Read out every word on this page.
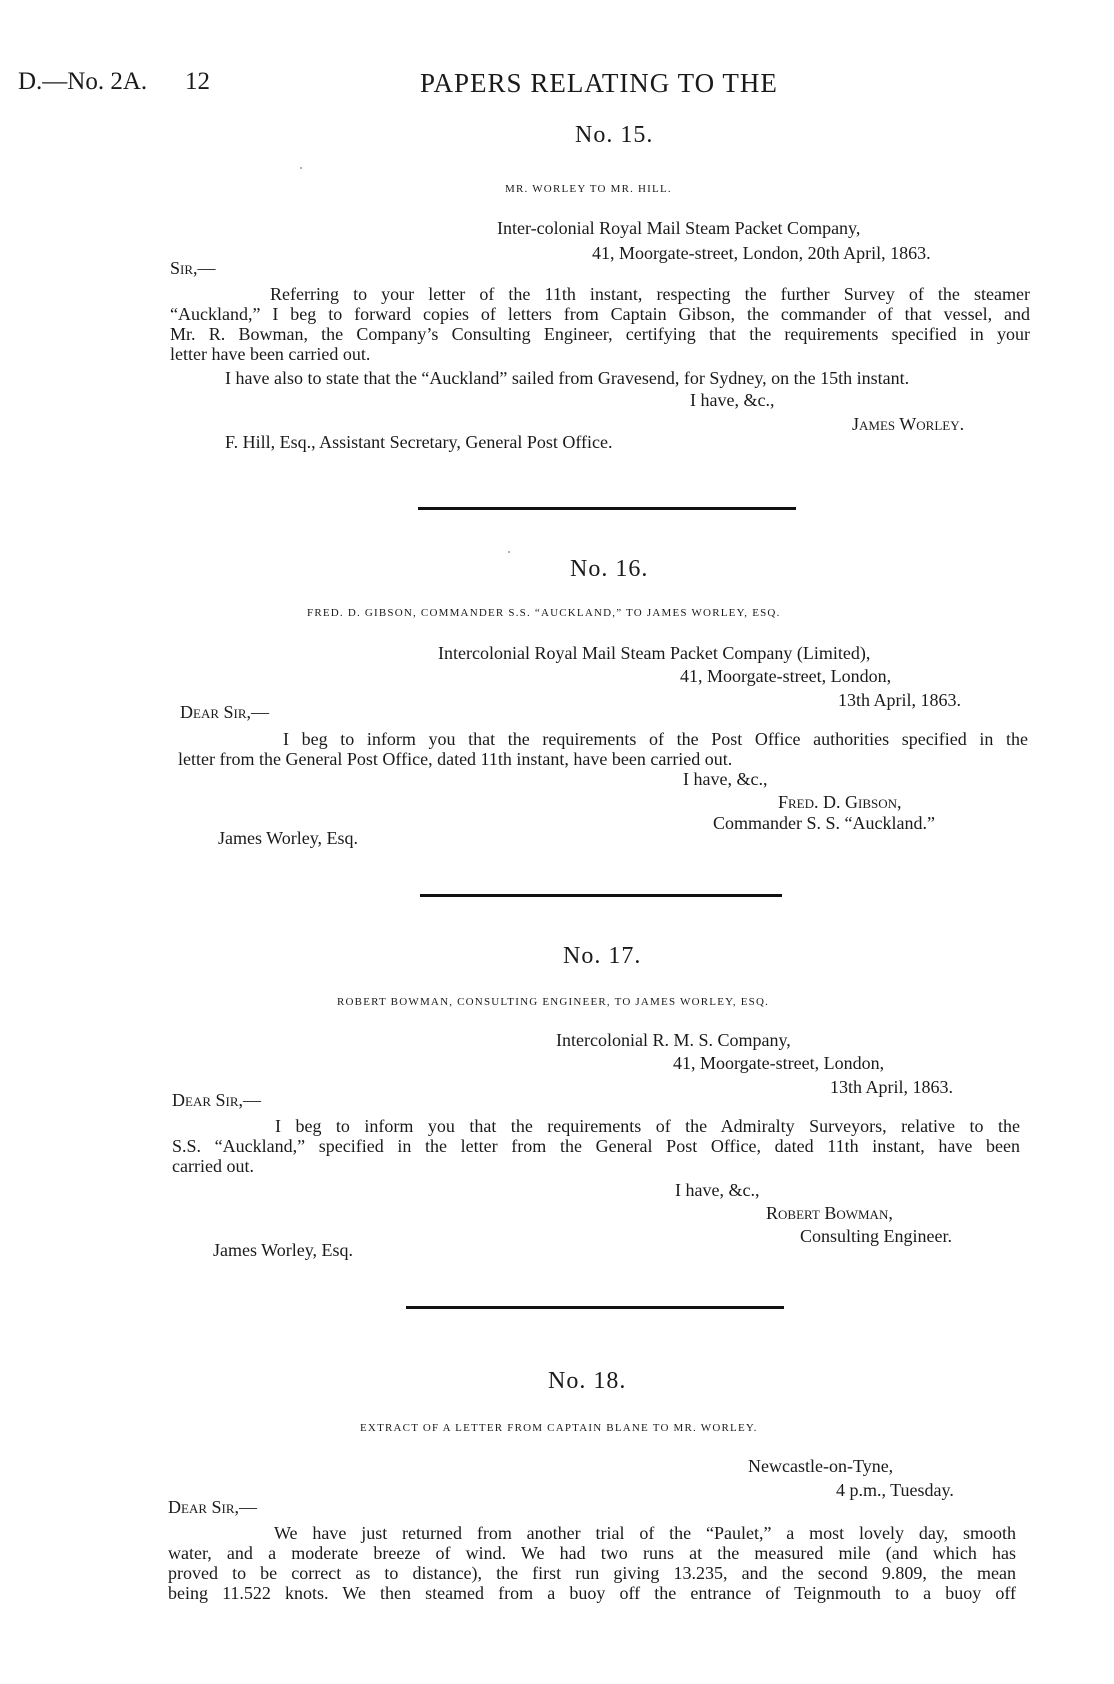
D.—No. 2A. 12	PAPERS RELATING TO THE
No. 15.
MR. WORLEY TO MR. HILL.
Inter-colonial Royal Mail Steam Packet Company,
41, Moorgate-street, London, 20th April, 1863.
Sir,—
Referring to your letter of the 11th instant, respecting the further Survey of the steamer
“Auckland,” I beg to forward copies of letters from Captain Gibson, the commander of that vessel, and
Mr. R. Bowman, the Company’s Consulting Engineer, certifying that the requirements specified in your
letter have been carried out.
I have also to state that the “Auckland” sailed from Gravesend, for Sydney, on the 15th instant.
I have, &c.,
James Worley.
F. Hill, Esq., Assistant Secretary, General Post Office.
No. 16.
FRED. D. GIBSON, COMMANDER S.S. “AUCKLAND,” TO JAMES WORLEY, ESQ.
Intercolonial Royal Mail Steam Packet Company (Limited),
41, Moorgate-street, London,
13th April, 1863.
Dear Sir,—
I beg to inform you that the requirements of the Post Office authorities specified in the
letter from the General Post Office, dated 11th instant, have been carried out.
I have, &c.,
Fred. D. Gibson,
Commander S. S. “Auckland.”
James Worley, Esq.
No. 17.
ROBERT BOWMAN, CONSULTING ENGINEER, TO JAMES WORLEY, ESQ.
Intercolonial R. M. S. Company,
41, Moorgate-street, London,
13th April, 1863.
Dear Sir,—
I beg to inform you that the requirements of the Admiralty Surveyors, relative to the
S.S. “Auckland,” specified in the letter from the General Post Office, dated 11th instant, have been
carried out.
I have, &c.,
Robert Bowman,
Consulting Engineer.
James Worley, Esq.
No. 18.
EXTRACT OF A LETTER FROM CAPTAIN BLANE TO MR. WORLEY.
Newcastle-on-Tyne,
4 p.m., Tuesday.
Dear Sir,—
We have just returned from another trial of the “Paulet,” a most lovely day, smooth
water, and a moderate breeze of wind. We had two runs at the measured mile (and which has
proved to be correct as to distance), the first run giving 13.235, and the second 9.809, the mean
being 11.522 knots. We then steamed from a buoy off the entrance of Teignmouth to a buoy off
